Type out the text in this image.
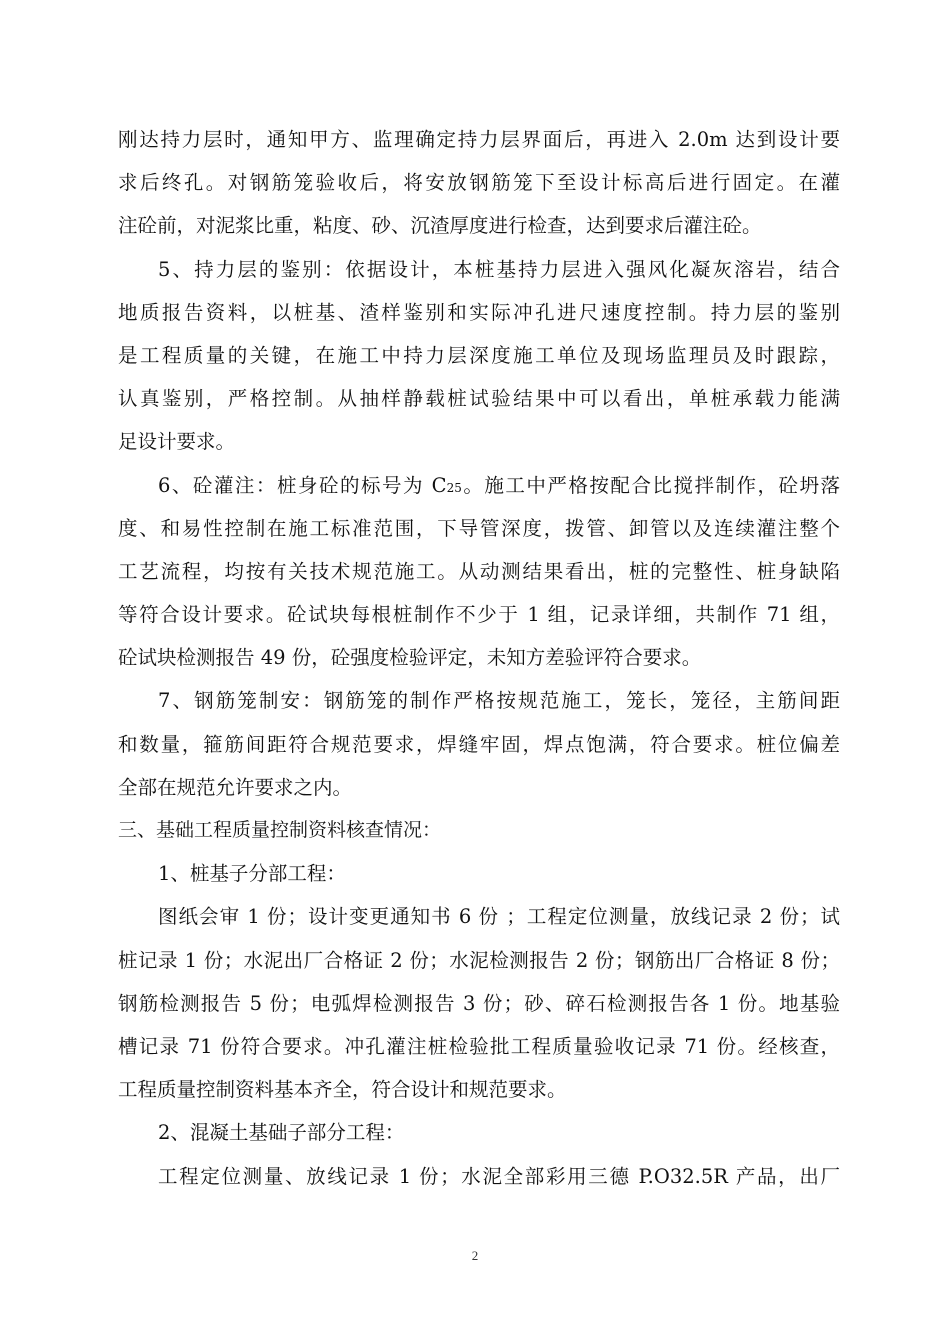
刚达持力层时，通知甲方、监理确定持力层界面后，再进入 2.0m 达到设计要
求后终孔。对钢筋笼验收后，将安放钢筋笼下至设计标高后进行固定。在灌
注砼前，对泥浆比重，粘度、砂、沉渣厚度进行检查，达到要求后灌注砼。
5、持力层的鉴别：依据设计，本桩基持力层进入强风化凝灰溶岩，结合
地质报告资料，以桩基、渣样鉴别和实际冲孔进尺速度控制。持力层的鉴别
是工程质量的关键，在施工中持力层深度施工单位及现场监理员及时跟踪，
认真鉴别，严格控制。从抽样静载桩试验结果中可以看出，单桩承载力能满
足设计要求。
6、砼灌注：桩身砼的标号为 C25。施工中严格按配合比搅拌制作，砼坍落
度、和易性控制在施工标准范围，下导管深度，拨管、卸管以及连续灌注整个
工艺流程，均按有关技术规范施工。从动测结果看出，桩的完整性、桩身缺陷
等符合设计要求。砼试块每根桩制作不少于 1 组，记录详细，共制作 71 组，
砼试块检测报告 49 份，砼强度检验评定，未知方差验评符合要求。
7、钢筋笼制安：钢筋笼的制作严格按规范施工，笼长，笼径，主筋间距
和数量，箍筋间距符合规范要求，焊缝牢固，焊点饱满，符合要求。桩位偏差
全部在规范允许要求之内。
三、基础工程质量控制资料核查情况：
1、桩基子分部工程：
图纸会审 1 份；设计变更通知书 6 份 ；工程定位测量，放线记录 2 份；试
桩记录 1 份；水泥出厂合格证 2 份；水泥检测报告 2 份；钢筋出厂合格证 8 份；
钢筋检测报告 5 份；电弧焊检测报告 3 份；砂、碎石检测报告各 1 份。地基验
槽记录 71 份符合要求。冲孔灌注桩检验批工程质量验收记录 71 份。经核查，
工程质量控制资料基本齐全，符合设计和规范要求。
2、混凝土基础子部分工程：
工程定位测量、放线记录 1 份；水泥全部彩用三德 P.O32.5R 产品，出厂
2
